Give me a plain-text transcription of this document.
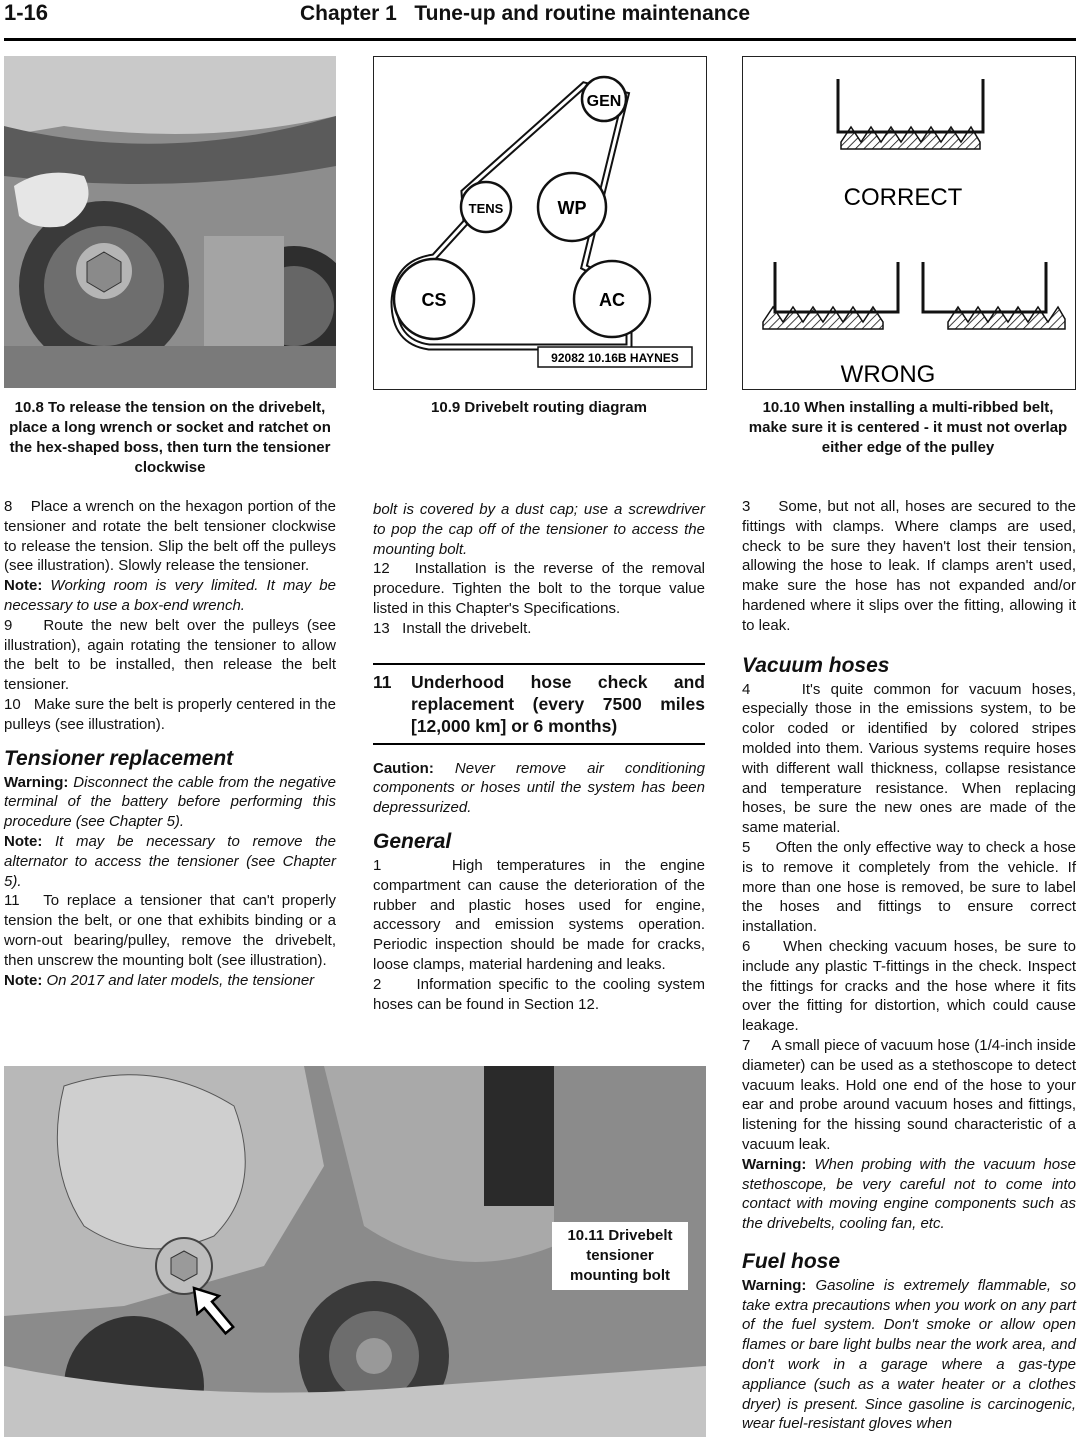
1-16	Chapter 1   Tune-up and routine maintenance
10.8 To release the tension on the drivebelt, place a long wrench or socket and ratchet on the hex-shaped boss, then turn the tensioner clockwise
GEN
TENS	WP
CS	AC
92082 10.16B HAYNES
10.9 Drivebelt routing diagram
CORRECT
WRONG
10.10 When installing a multi-ribbed belt, make sure it is centered - it must not overlap either edge of the pulley

8    Place a wrench on the hexagon portion of the tensioner and rotate the belt tensioner clockwise to release the tension. Slip the belt off the pulleys (see illustration). Slowly release the tensioner.

Note: Working room is very limited. It may be necessary to use a box-end wrench.

9    Route the new belt over the pulleys (see illustration), again rotating the tensioner to allow the belt to be installed, then release the belt tensioner.

10   Make sure the belt is properly centered in the pulleys (see illustration).

Tensioner replacement

Warning: Disconnect the cable from the negative terminal of the battery before performing this procedure (see Chapter 5).

Note: It may be necessary to remove the alternator to access the tensioner (see Chapter 5).

11   To replace a tensioner that can't properly tension the belt, or one that exhibits binding or a worn-out bearing/pulley, remove the drivebelt, then unscrew the mounting bolt (see illustration).

Note: On 2017 and later models, the tensioner

bolt is covered by a dust cap; use a screwdriver to pop the cap off of the tensioner to access the mounting bolt.

12   Installation is the reverse of the removal procedure. Tighten the bolt to the torque value listed in this Chapter's Specifications.

13   Install the drivebelt.

11	Underhood hose check and replacement (every 7500 miles [12,000 km] or 6 months)

Caution: Never remove air conditioning components or hoses until the system has been depressurized.

General

1     High temperatures in the engine compartment can cause the deterioration of the rubber and plastic hoses used for engine, accessory and emission systems operation. Periodic inspection should be made for cracks, loose clamps, material hardening and leaks.

2     Information specific to the cooling system hoses can be found in Section 12.

3     Some, but not all, hoses are secured to the fittings with clamps. Where clamps are used, check to be sure they haven't lost their tension, allowing the hose to leak. If clamps aren't used, make sure the hose has not expanded and/or hardened where it slips over the fitting, allowing it to leak.

Vacuum hoses

4     It's quite common for vacuum hoses, especially those in the emissions system, to be color coded or identified by colored stripes molded into them. Various systems require hoses with different wall thickness, collapse resistance and temperature resistance. When replacing hoses, be sure the new ones are made of the same material.

5     Often the only effective way to check a hose is to remove it completely from the vehicle. If more than one hose is removed, be sure to label the hoses and fittings to ensure correct installation.

6     When checking vacuum hoses, be sure to include any plastic T-fittings in the check. Inspect the fittings for cracks and the hose where it fits over the fitting for distortion, which could cause leakage.

7     A small piece of vacuum hose (1/4-inch inside diameter) can be used as a stethoscope to detect vacuum leaks. Hold one end of the hose to your ear and probe around vacuum hoses and fittings, listening for the hissing sound characteristic of a vacuum leak.

Warning: When probing with the vacuum hose stethoscope, be very careful not to come into contact with moving engine components such as the drivebelts, cooling fan, etc.

Fuel hose

Warning: Gasoline is extremely flammable, so take extra precautions when you work on any part of the fuel system. Don't smoke or allow open flames or bare light bulbs near the work area, and don't work in a garage where a gas-type appliance (such as a water heater or a clothes dryer) is present. Since gasoline is carcinogenic, wear fuel-resistant gloves when

10.11 Drivebelt tensioner mounting bolt
